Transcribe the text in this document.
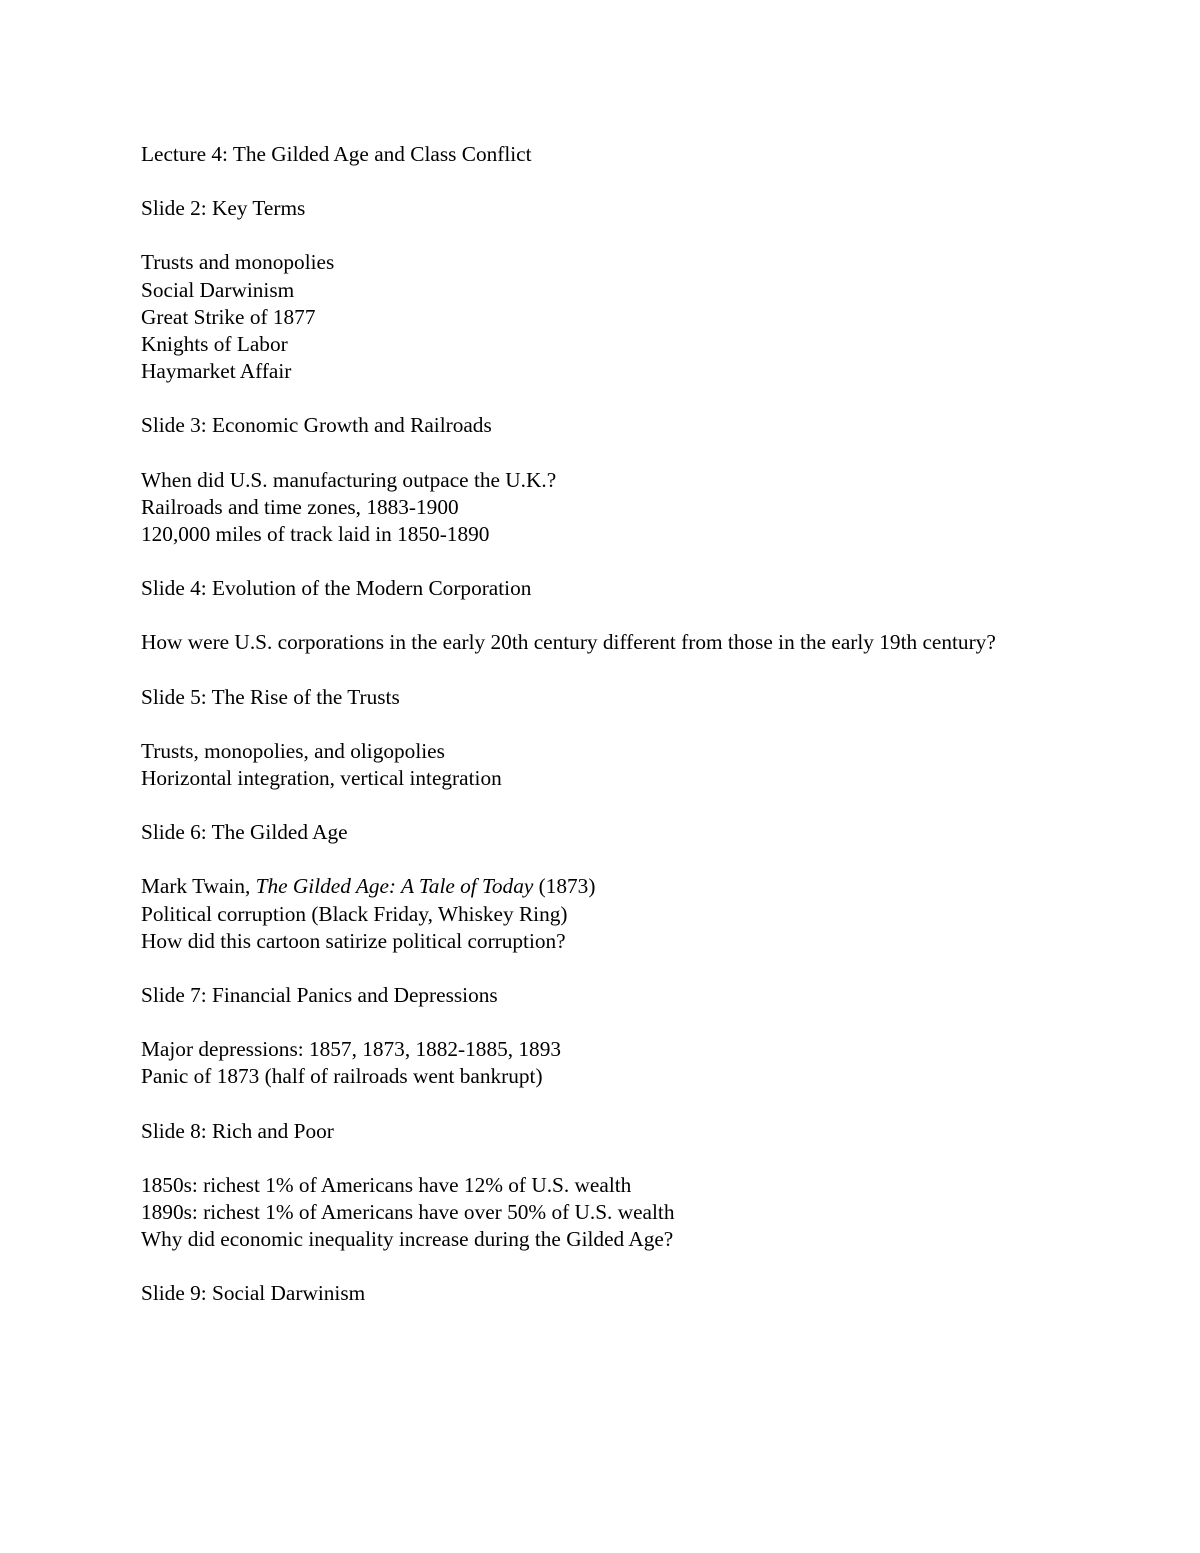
Lecture 4: The Gilded Age and Class Conflict
Slide 2: Key Terms
Trusts and monopolies
Social Darwinism
Great Strike of 1877
Knights of Labor
Haymarket Affair
Slide 3: Economic Growth and Railroads
When did U.S. manufacturing outpace the U.K.?
Railroads and time zones, 1883-1900
120,000 miles of track laid in 1850-1890
Slide 4: Evolution of the Modern Corporation
How were U.S. corporations in the early 20th century different from those in the early 19th century?
Slide 5: The Rise of the Trusts
Trusts, monopolies, and oligopolies
Horizontal integration, vertical integration
Slide 6: The Gilded Age
Mark Twain, The Gilded Age: A Tale of Today (1873)
Political corruption (Black Friday, Whiskey Ring)
How did this cartoon satirize political corruption?
Slide 7: Financial Panics and Depressions
Major depressions: 1857, 1873, 1882-1885, 1893
Panic of 1873 (half of railroads went bankrupt)
Slide 8: Rich and Poor
1850s: richest 1% of Americans have 12% of U.S. wealth
1890s: richest 1% of Americans have over 50% of U.S. wealth
Why did economic inequality increase during the Gilded Age?
Slide 9: Social Darwinism
